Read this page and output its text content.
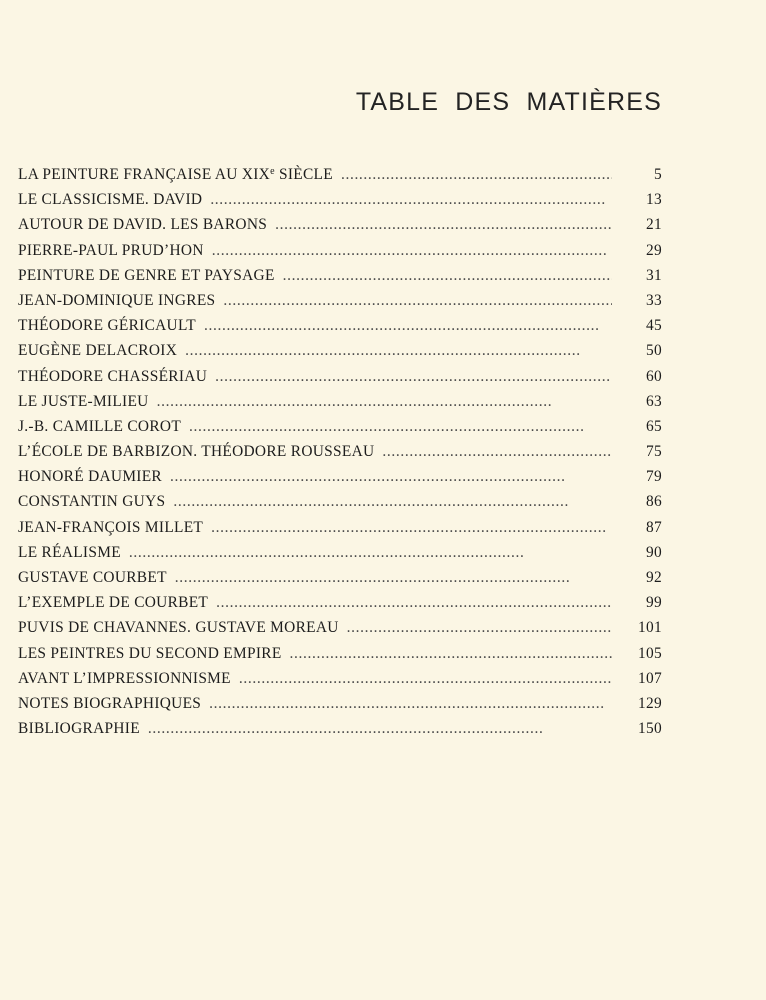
TABLE DES MATIÈRES
LA PEINTURE FRANÇAISE AU XIXe SIÈCLE . . .	5
LE CLASSICISME. DAVID . . .	13
AUTOUR DE DAVID. LES BARONS . . .	21
PIERRE-PAUL PRUD’HON . . .	29
PEINTURE DE GENRE ET PAYSAGE . . .	31
JEAN-DOMINIQUE INGRES . . .	33
THÉODORE GÉRICAULT . . .	45
EUGÈNE DELACROIX . . .	50
THÉODORE CHASSÉRIAU . . .	60
LE JUSTE-MILIEU . . .	63
J.-B. CAMILLE COROT . . .	65
L’ÉCOLE DE BARBIZON. THÉODORE ROUSSEAU . . .	75
HONORÉ DAUMIER . . .	79
CONSTANTIN GUYS . . .	86
JEAN-FRANÇOIS MILLET . . .	87
LE RÉALISME . . .	90
GUSTAVE COURBET . . .	92
L’EXEMPLE DE COURBET . . .	99
PUVIS DE CHAVANNES. GUSTAVE MOREAU . . .	101
LES PEINTRES DU SECOND EMPIRE . . .	105
AVANT L’IMPRESSIONNISME . . .	107
NOTES BIOGRAPHIQUES . . .	129
BIBLIOGRAPHIE . . .	150
